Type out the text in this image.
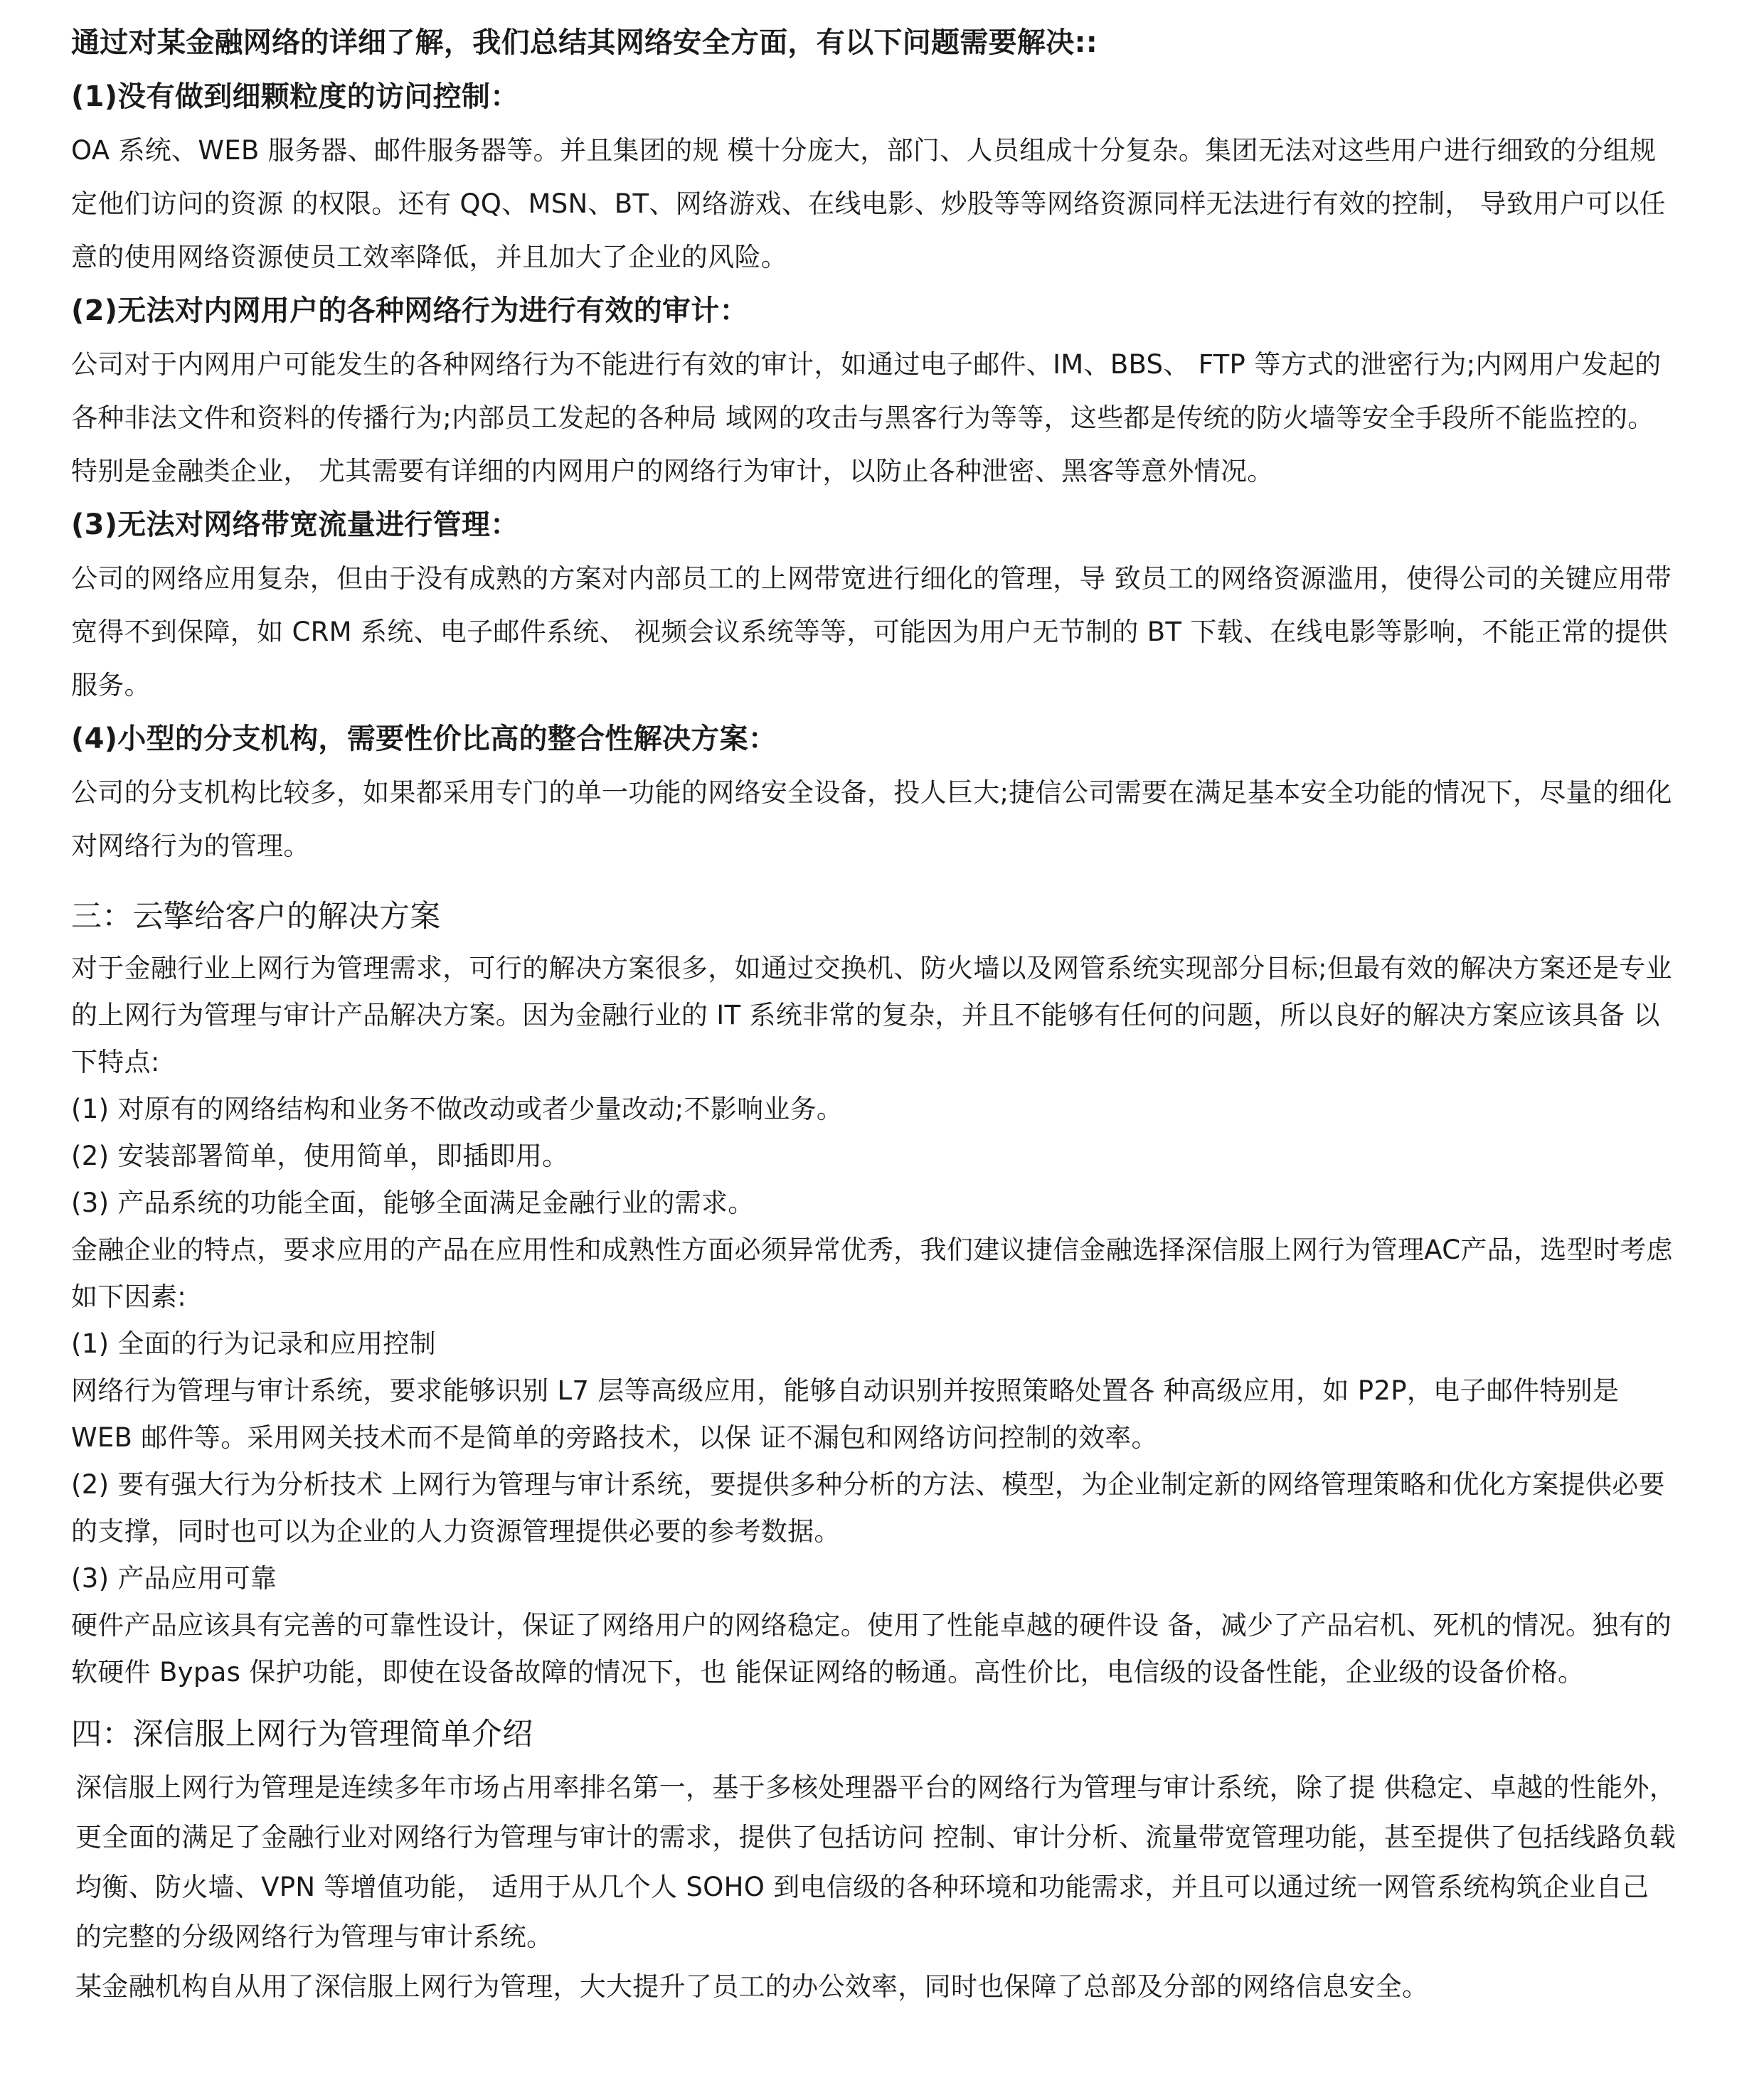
通过对某金融网络的详细了解，我们总结其网络安全方面，有以下问题需要解决::

(1)没有做到细颗粒度的访问控制：

OA 系统、WEB 服务器、邮件服务器等。并且集团的规 模十分庞大，部门、人员组成十分复杂。集团无法对这些用户进行细致的分组规定他们访问的资源 的权限。还有 QQ、MSN、BT、网络游戏、在线电影、炒股等等网络资源同样无法进行有效的控制， 导致用户可以任意的使用网络资源使员工效率降低，并且加大了企业的风险。

(2)无法对内网用户的各种网络行为进行有效的审计：

公司对于内网用户可能发生的各种网络行为不能进行有效的审计，如通过电子邮件、IM、BBS、 FTP 等方式的泄密行为;内网用户发起的各种非法文件和资料的传播行为;内部员工发起的各种局 域网的攻击与黑客行为等等，这些都是传统的防火墙等安全手段所不能监控的。特别是金融类企业， 尤其需要有详细的内网用户的网络行为审计，以防止各种泄密、黑客等意外情况。

(3)无法对网络带宽流量进行管理：

公司的网络应用复杂，但由于没有成熟的方案对内部员工的上网带宽进行细化的管理，导 致员工的网络资源滥用，使得公司的关键应用带宽得不到保障，如 CRM 系统、电子邮件系统、 视频会议系统等等，可能因为用户无节制的 BT 下载、在线电影等影响，不能正常的提供服务。

(4)小型的分支机构，需要性价比高的整合性解决方案：

公司的分支机构比较多，如果都采用专门的单一功能的网络安全设备，投人巨大;捷信公司需要在满足基本安全功能的情况下，尽量的细化对网络行为的管理。

三：云擎给客户的解决方案

对于金融行业上网行为管理需求，可行的解决方案很多，如通过交换机、防火墙以及网管系统实现部分目标;但最有效的解决方案还是专业的上网行为管理与审计产品解决方案。因为金融行业的 IT 系统非常的复杂，并且不能够有任何的问题，所以良好的解决方案应该具备 以下特点:

(1) 对原有的网络结构和业务不做改动或者少量改动;不影响业务。

(2) 安装部署简单，使用简单，即插即用。

(3) 产品系统的功能全面，能够全面满足金融行业的需求。

金融企业的特点，要求应用的产品在应用性和成熟性方面必须异常优秀，我们建议捷信金融选择深信服上网行为管理AC产品，选型时考虑如下因素:

(1) 全面的行为记录和应用控制

网络行为管理与审计系统，要求能够识别 L7 层等高级应用，能够自动识别并按照策略处置各 种高级应用，如 P2P，电子邮件特别是 WEB 邮件等。采用网关技术而不是简单的旁路技术，以保 证不漏包和网络访问控制的效率。

(2) 要有强大行为分析技术 上网行为管理与审计系统，要提供多种分析的方法、模型，为企业制定新的网络管理策略和优化方案提供必要的支撑，同时也可以为企业的人力资源管理提供必要的参考数据。

(3) 产品应用可靠

硬件产品应该具有完善的可靠性设计，保证了网络用户的网络稳定。使用了性能卓越的硬件设 备，减少了产品宕机、死机的情况。独有的软硬件 Bypas 保护功能，即使在设备故障的情况下，也 能保证网络的畅通。高性价比，电信级的设备性能，企业级的设备价格。

四：深信服上网行为管理简单介绍

深信服上网行为管理是连续多年市场占用率排名第一，基于多核处理器平台的网络行为管理与审计系统，除了提 供稳定、卓越的性能外，更全面的满足了金融行业对网络行为管理与审计的需求，提供了包括访问 控制、审计分析、流量带宽管理功能，甚至提供了包括线路负载均衡、防火墙、VPN 等增值功能， 适用于从几个人 SOHO 到电信级的各种环境和功能需求，并且可以通过统一网管系统构筑企业自己 的完整的分级网络行为管理与审计系统。

某金融机构自从用了深信服上网行为管理，大大提升了员工的办公效率，同时也保障了总部及分部的网络信息安全。
